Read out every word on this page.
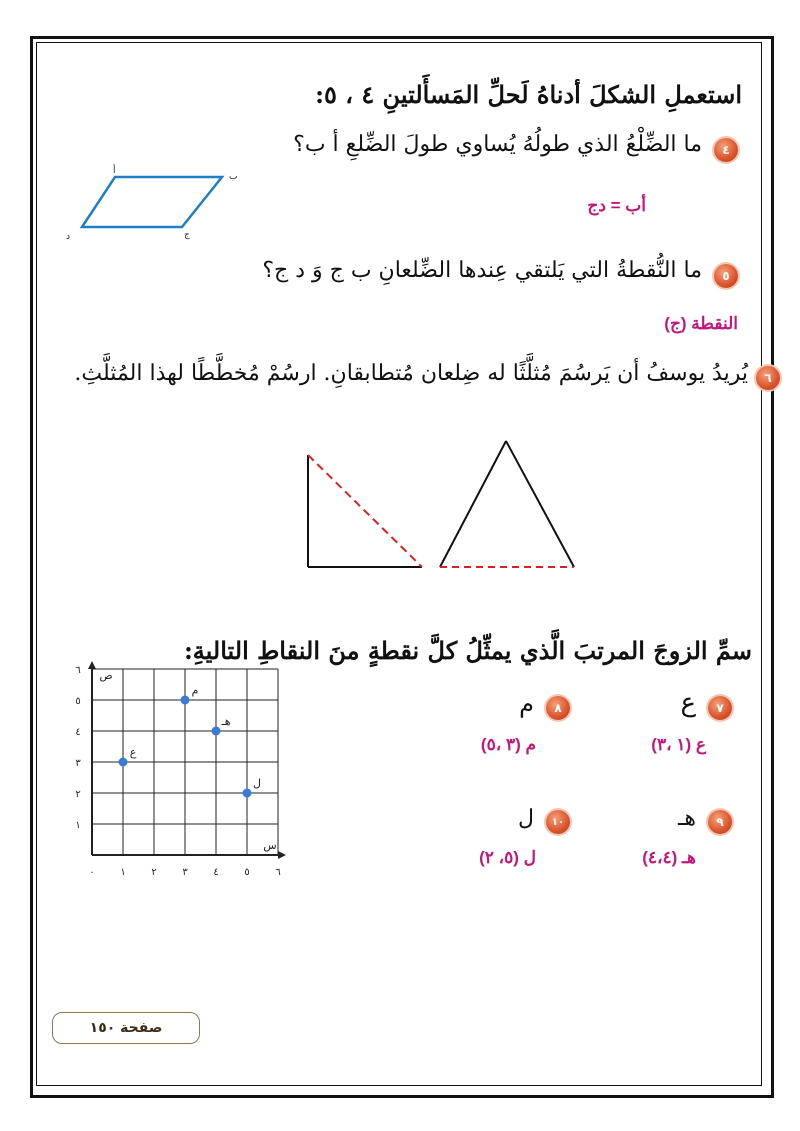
استعملِ الشكلَ أدناهُ لَحلِّ المَسأَلتينِ ٤ ، ٥:
٤
ما الضِّلْعُ الذي طولُهُ يُساوي طولَ الضِّلعِ أ ب؟
أب = دج
أ
ب
ج
د
٥
ما النُّقطةُ التي يَلتقي عِندها الضِّلعانِ ب ج وَ د ج؟
النقطة (ج)
٦
يُريدُ يوسفُ أن يَرسُمَ مُثلَّثًا له ضِلعان مُتطابقانِ. ارسُمْ مُخطَّطًا لهذا المُثلَّثِ.
سمِّ الزوجَ المرتبَ الَّذي يمثِّلُ كلَّ نقطةٍ منَ النقاطِ التاليةِ:
٧
ع
ع (١ ،٣)
٨
م
م (٣ ،٥)
٩
هـ
هـ (٤،٤)
١٠
ل
ل (٥، ٢)
٠	١	٢	٣	٤	٥	٦
١
٢
٣
٤
٥
٦
س
ص
ع
م
هـ
ل
صفحة ١٥٠
